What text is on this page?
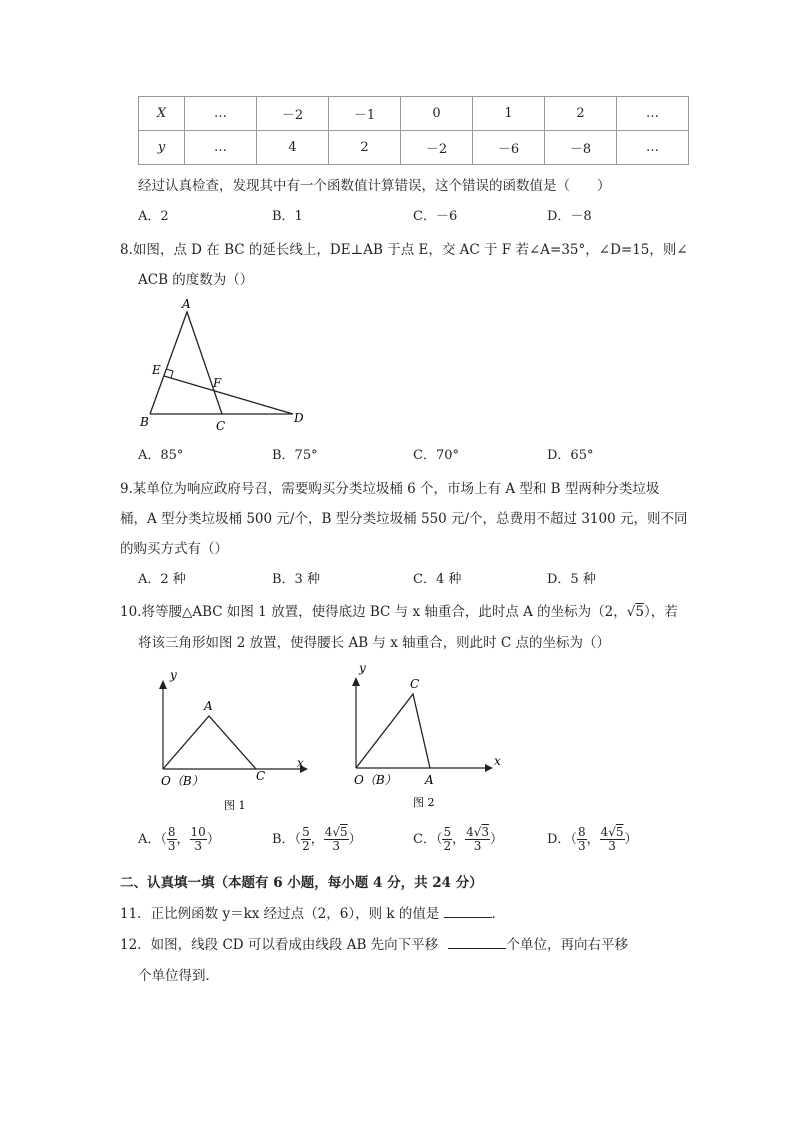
X	…	－2	－1	0	1	2	…
y	…	4	2	－2	－6	－8	…
经过认真检查，发现其中有一个函数值计算错误，这个错误的函数值是（　　）
A．2	B．1	C．－6	D．－8
8.如图，点 D 在 BC 的延长线上，DE⊥AB 于点 E，交 AC 于 F 若∠A=35°，∠D=15，则∠
ACB 的度数为（）
A
E
F
B	C
D
A．85°	B．75°	C．70°	D．65°
9.某单位为响应政府号召，需要购买分类垃圾桶 6 个，市场上有 A 型和 B 型两种分类垃圾
桶，A 型分类垃圾桶 500 元/个，B 型分类垃圾桶 550 元/个，总费用不超过 3100 元，则不同
的购买方式有（）
A．2 种	B．3 种	C．4 种	D．5 种
10.将等腰△ABC 如图 1 放置，使得底边 BC 与 x 轴重合，此时点 A 的坐标为（2，√5），若
将该三角形如图 2 放置，使得腰长 AB 与 x 轴重合，则此时 C 点的坐标为（）
y
x
A
O（B）	C
图 1
y
x
C
O（B） A
图 2
A．（ $\frac{8}{3}$ ， $\frac{10}{3}$ ）	B．（ $\frac{5}{2}$ ， $\frac{4√5}{3}$ ）	C．（ $\frac{5}{2}$ ， $\frac{4√3}{3}$ ）	D．（ $\frac{8}{3}$ ， $\frac{4√5}{3}$ ）
二、认真填一填（本题有 6 小题，每小题 4 分，共 24 分）
11．正比例函数 y＝kx 经过点（2，6），则 k 的值是	．
12．如图，线段 CD 可以看成由线段 AB 先向下平移	个单位，再向右平移
个单位得到．
